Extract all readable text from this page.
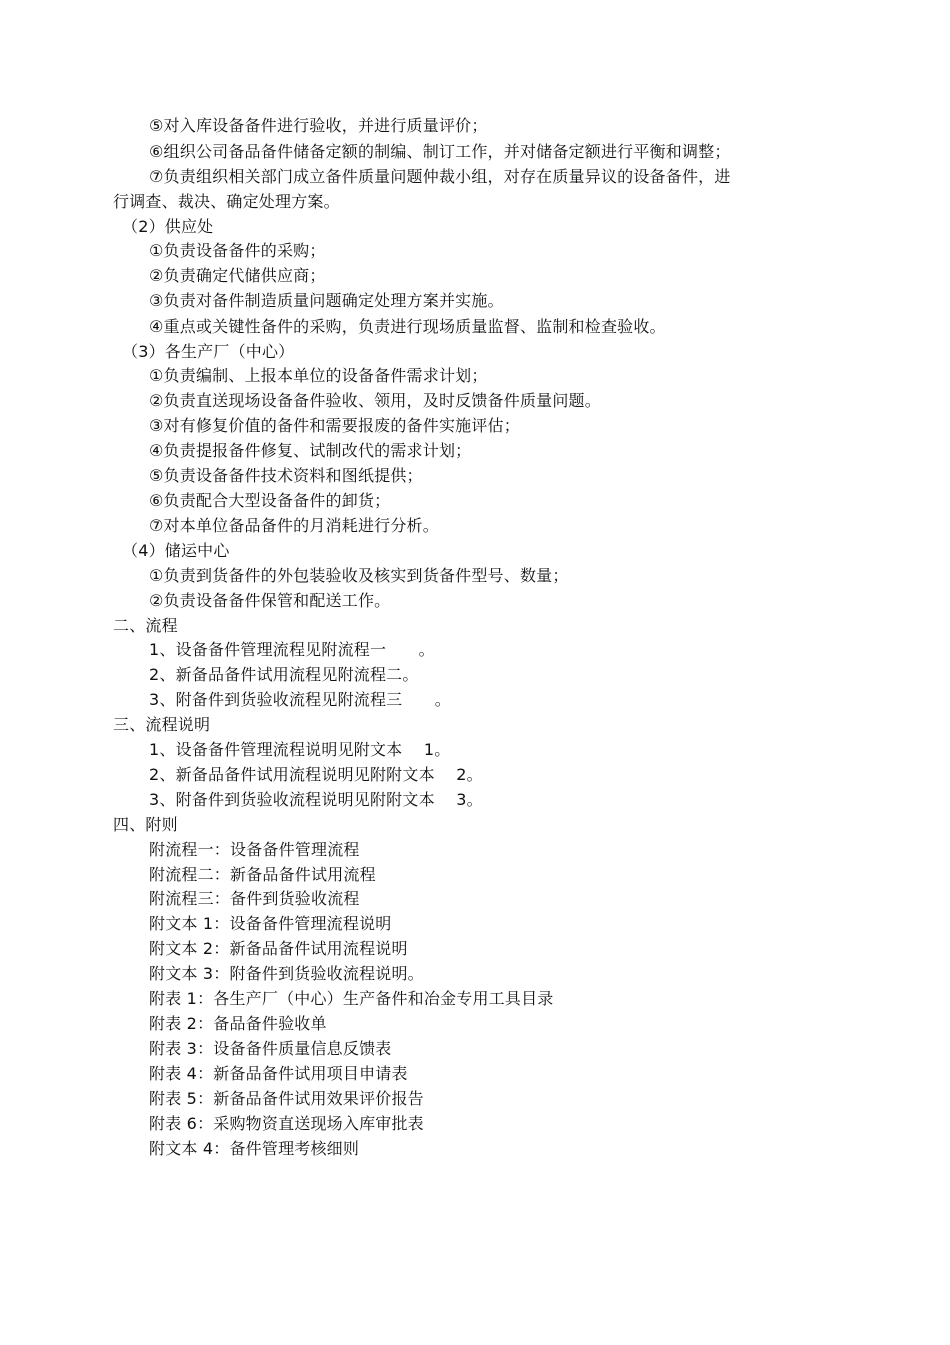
⑤对入库设备备件进行验收，并进行质量评价；
⑥组织公司备品备件储备定额的制编、制订工作，并对储备定额进行平衡和调整；
⑦负责组织相关部门成立备件质量问题仲裁小组，对存在质量异议的设备备件，进
行调查、裁决、确定处理方案。
（2）供应处
①负责设备备件的采购；
②负责确定代储供应商；
③负责对备件制造质量问题确定处理方案并实施。
④重点或关键性备件的采购，负责进行现场质量监督、监制和检查验收。
（3）各生产厂（中心）
①负责编制、上报本单位的设备备件需求计划；
②负责直送现场设备备件验收、领用，及时反馈备件质量问题。
③对有修复价值的备件和需要报废的备件实施评估；
④负责提报备件修复、试制改代的需求计划；
⑤负责设备备件技术资料和图纸提供；
⑥负责配合大型设备备件的卸货；
⑦对本单位备品备件的月消耗进行分析。
（4）储运中心
①负责到货备件的外包装验收及核实到货备件型号、数量；
②负责设备备件保管和配送工作。
二、流程
1、设备备件管理流程见附流程一　　。
2、新备品备件试用流程见附流程二。
3、附备件到货验收流程见附流程三　　。
三、流程说明
1、设备备件管理流程说明见附文本　 1。
2、新备品备件试用流程说明见附附文本　 2。
3、附备件到货验收流程说明见附附文本　 3。
四、附则
附流程一：设备备件管理流程
附流程二：新备品备件试用流程
附流程三：备件到货验收流程
附文本 1：设备备件管理流程说明
附文本 2：新备品备件试用流程说明
附文本 3：附备件到货验收流程说明。
附表 1：各生产厂（中心）生产备件和冶金专用工具目录
附表 2：备品备件验收单
附表 3：设备备件质量信息反馈表
附表 4：新备品备件试用项目申请表
附表 5：新备品备件试用效果评价报告
附表 6：采购物资直送现场入库审批表
附文本 4：备件管理考核细则
